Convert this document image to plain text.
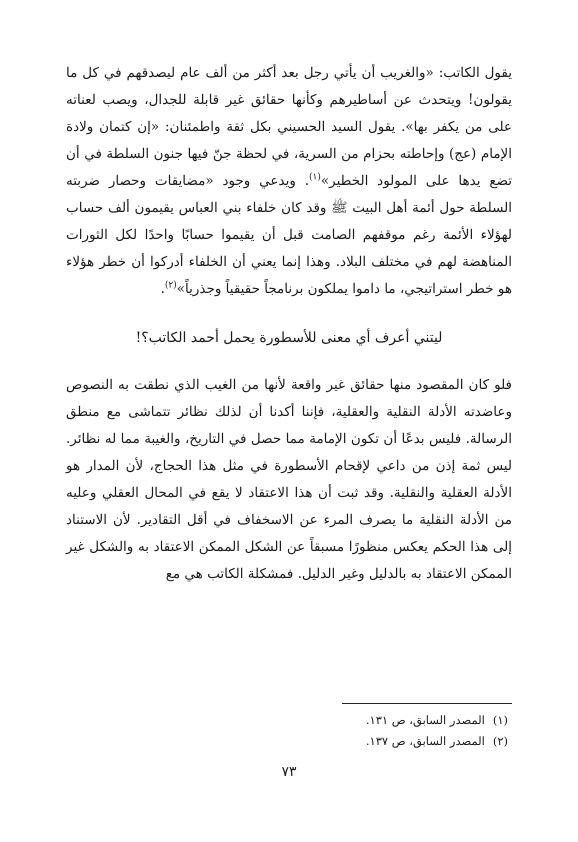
يقول الكاتب: «والغريب أن يأتي رجل بعد أكثر من ألف عام ليصدقهم في كل ما يقولون! ويتحدث عن أساطيرهم وكأنها حقائق غير قابلة للجدال، ويصب لعناته على من يكفر بها». يقول السيد الحسيني بكل ثقة واطمئنان: «إن كتمان ولادة الإمام (عج) وإحاطته بحزام من السرية، في لحظة جنّ فيها جنون السلطة في أن تضع يدها على المولود الخطير»$^{(١)}$. ويدعي وجود «مضايقات وحصار ضربته السلطة حول أئمة أهل البيت ﷺ وقد كان خلفاء بني العباس يقيمون ألف حساب لهؤلاء الأئمة رغم موقفهم الصامت قبل أن يقيموا حسابًا واحدًا لكل الثورات المناهضة لهم في مختلف البلاد. وهذا إنما يعني أن الخلفاء أدركوا أن خطر هؤلاء هو خطر استراتيجي، ما داموا يملكون برنامجاً حقيقياً وجذرياً»$^{(٢)}$.

ليتني أعرف أي معنى للأسطورة يحمل أحمد الكاتب؟!

فلو كان المقصود منها حقائق غير واقعة لأنها من الغيب الذي نطقت به النصوص وعاضدته الأدلة النقلية والعقلية، فإننا أكدنا أن لذلك نظائر تتماشى مع منطق الرسالة. فليس بدعًا أن تكون الإمامة مما حصل في التاريخ، والغيبة مما له نظائر. ليس ثمة إذن من داعي لإقحام الأسطورة في مثل هذا الحجاج، لأن المدار هو الأدلة العقلية والنقلية. وقد ثبت أن هذا الاعتقاد لا يقع في المحال العقلي وعليه من الأدلة النقلية ما يصرف المرء عن الاسخفاف في أقل التقادير. لأن الاستناد إلى هذا الحكم يعكس منظورًا مسبقاً عن الشكل الممكن الاعتقاد به والشكل غير الممكن الاعتقاد به بالدليل وغير الدليل. فمشكلة الكاتب هي مع

(١)المصدر السابق، ص ١٣١.
(٢)المصدر السابق، ص ١٣٧.
٧٣
